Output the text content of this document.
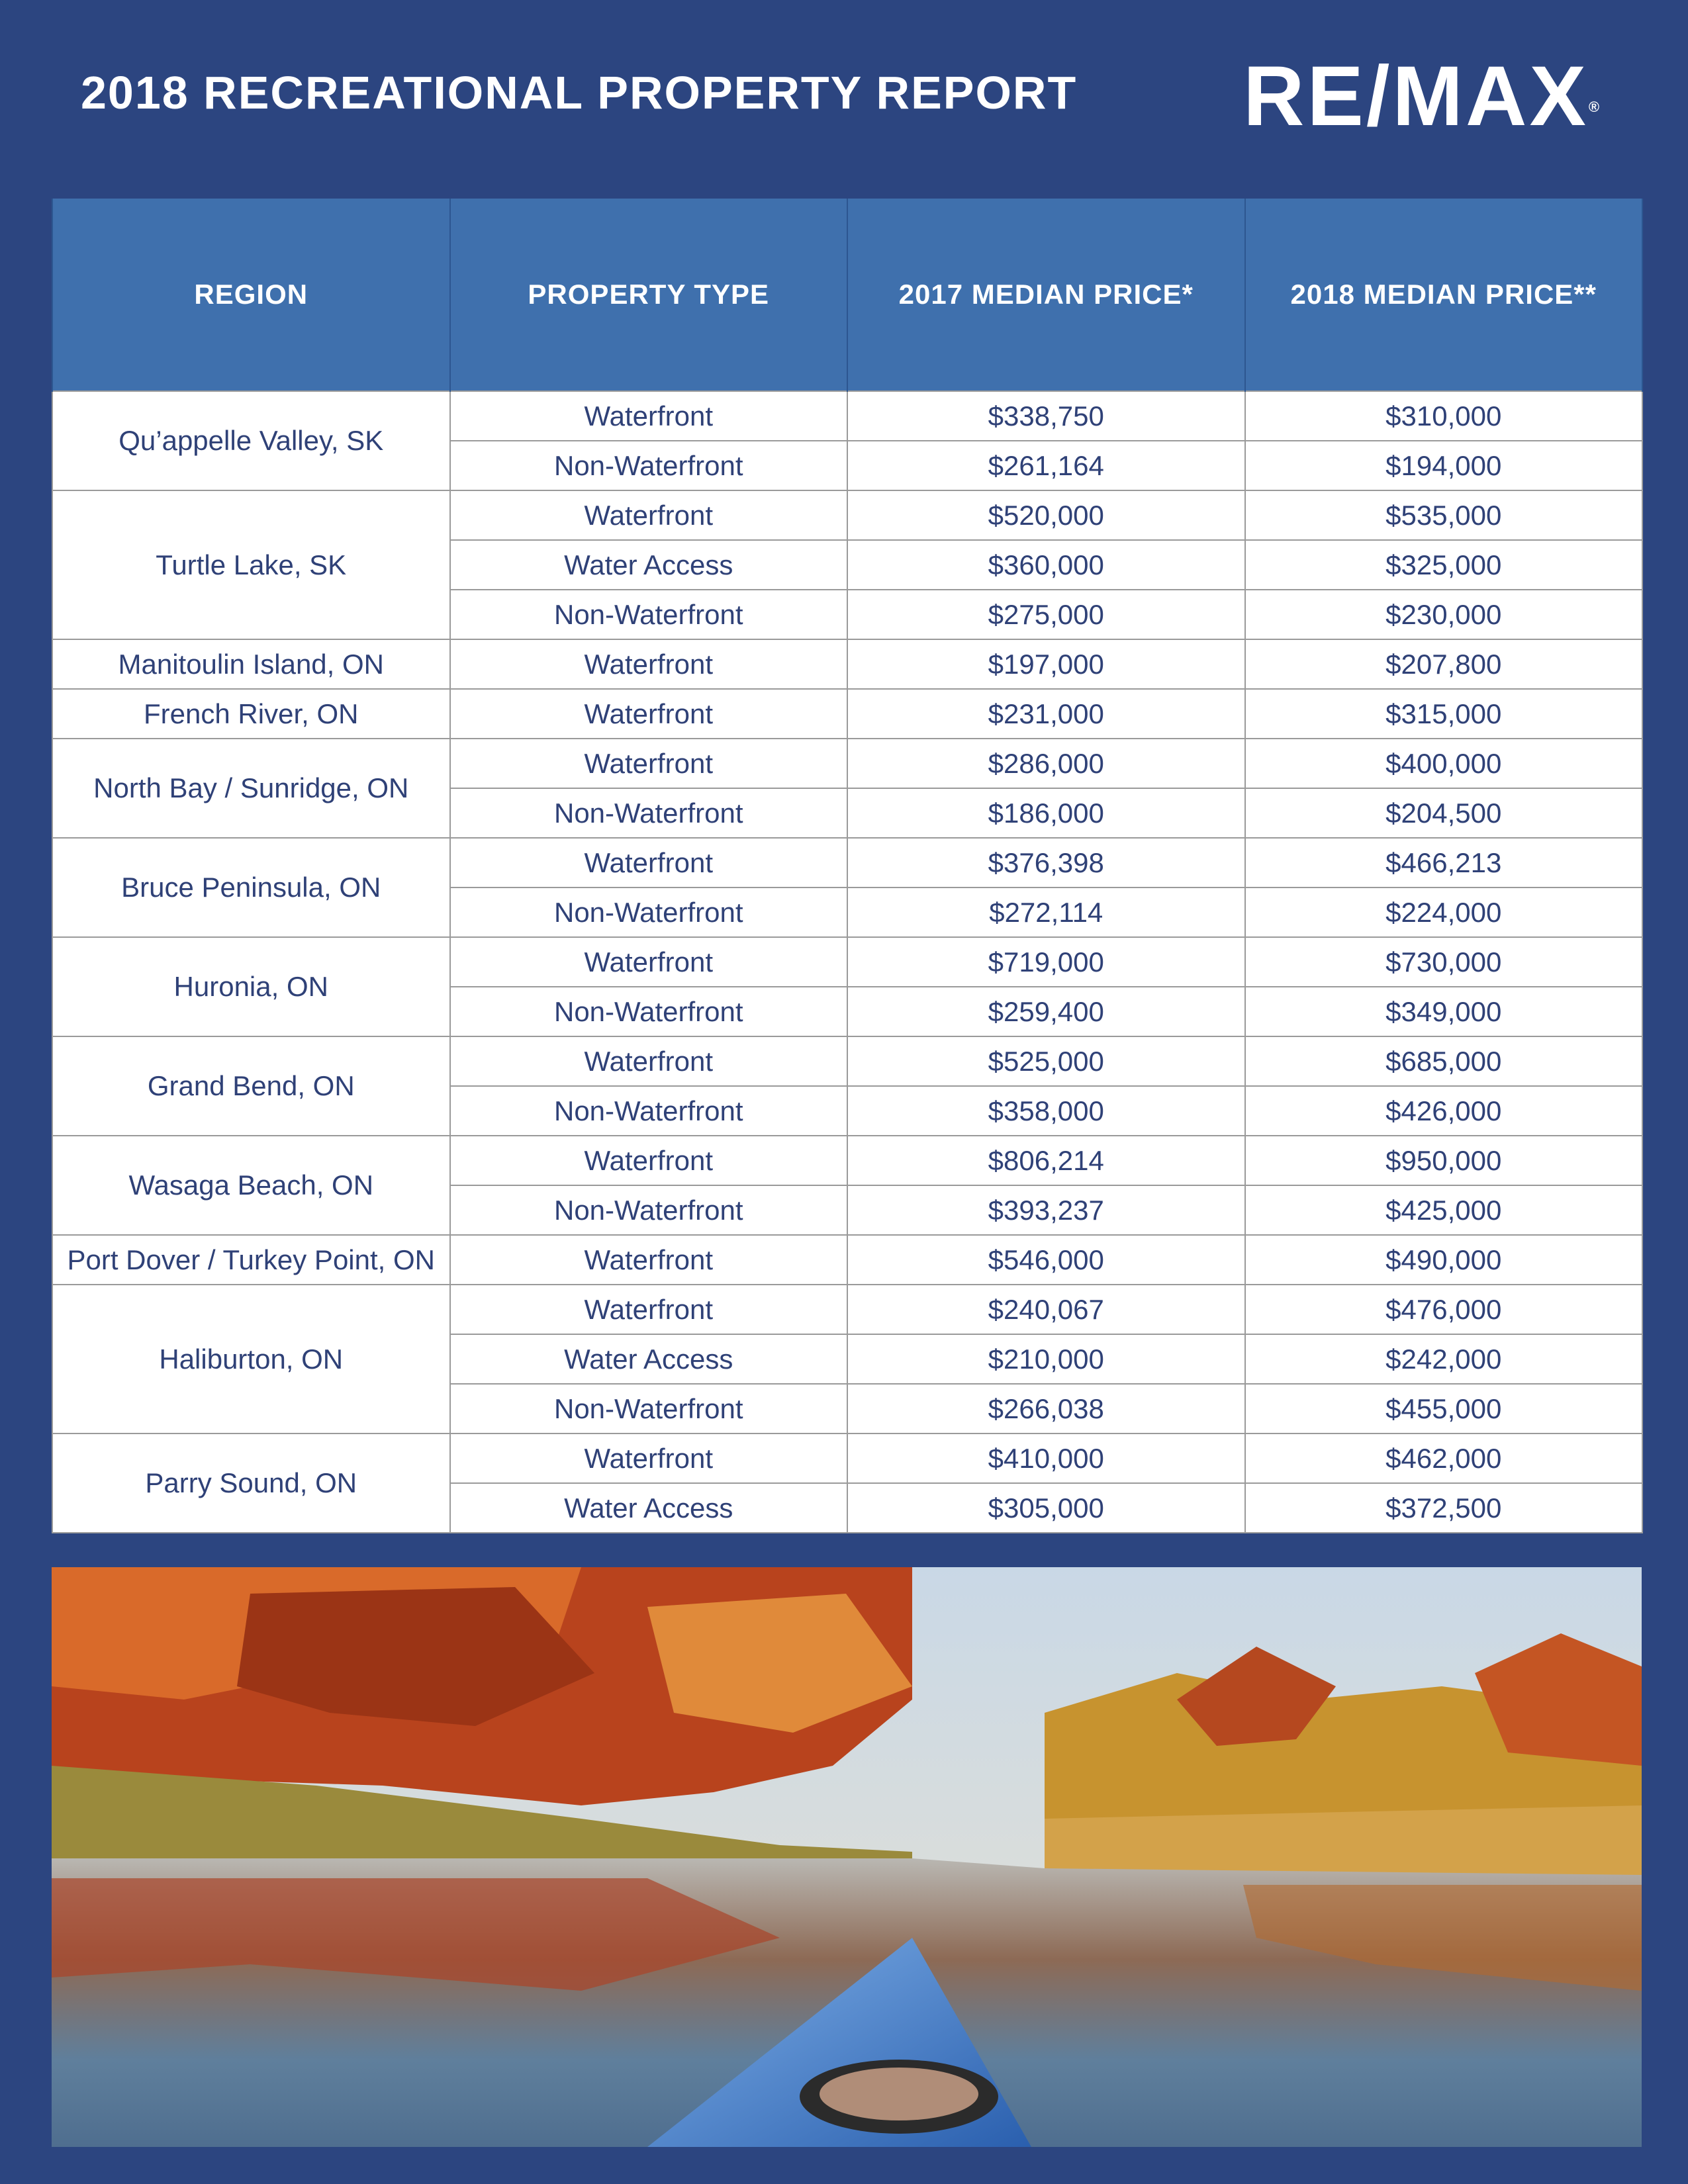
2018 RECREATIONAL PROPERTY REPORT RE/MAX®
REGION	PROPERTY TYPE	2017 MEDIAN PRICE*	2018 MEDIAN PRICE**
Qu’appelle Valley, SK	Waterfront	$338,750	$310,000
	Non-Waterfront	$261,164	$194,000
Turtle Lake, SK	Waterfront	$520,000	$535,000
	Water Access	$360,000	$325,000
	Non-Waterfront	$275,000	$230,000
Manitoulin Island, ON	Waterfront	$197,000	$207,800
French River, ON	Waterfront	$231,000	$315,000
North Bay / Sunridge, ON	Waterfront	$286,000	$400,000
	Non-Waterfront	$186,000	$204,500
Bruce Peninsula, ON	Waterfront	$376,398	$466,213
	Non-Waterfront	$272,114	$224,000
Huronia, ON	Waterfront	$719,000	$730,000
	Non-Waterfront	$259,400	$349,000
Grand Bend, ON	Waterfront	$525,000	$685,000
	Non-Waterfront	$358,000	$426,000
Wasaga Beach, ON	Waterfront	$806,214	$950,000
	Non-Waterfront	$393,237	$425,000
Port Dover / Turkey Point, ON	Waterfront	$546,000	$490,000
Haliburton, ON	Waterfront	$240,067	$476,000
	Water Access	$210,000	$242,000
	Non-Waterfront	$266,038	$455,000
Parry Sound, ON	Waterfront	$410,000	$462,000
	Water Access	$305,000	$372,500
